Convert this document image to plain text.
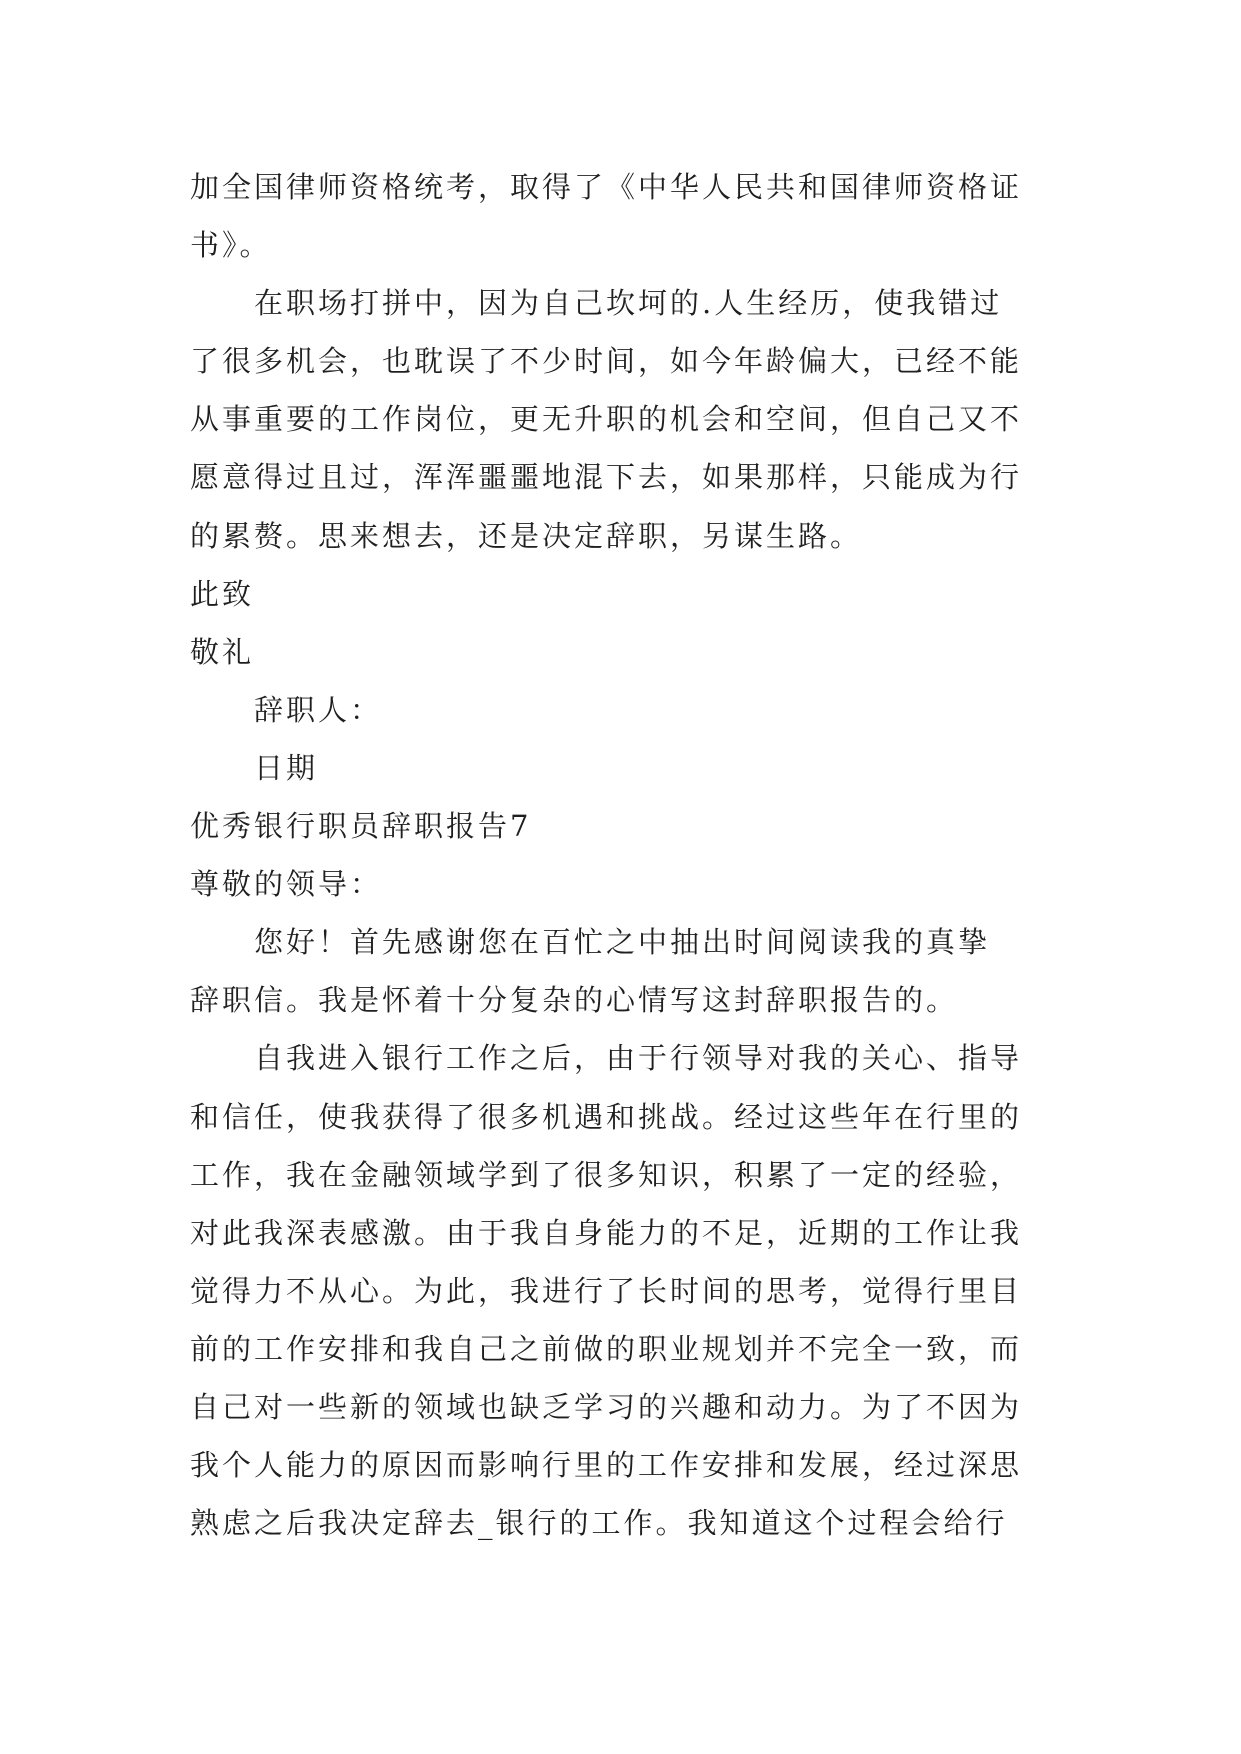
加全国律师资格统考，取得了《中华人民共和国律师资格证
书》。
在职场打拼中，因为自己坎坷的.人生经历，使我错过
了很多机会，也耽误了不少时间，如今年龄偏大，已经不能
从事重要的工作岗位，更无升职的机会和空间，但自己又不
愿意得过且过，浑浑噩噩地混下去，如果那样，只能成为行
的累赘。思来想去，还是决定辞职，另谋生路。
此致
敬礼
辞职人：
日期
优秀银行职员辞职报告7
尊敬的领导：
您好！首先感谢您在百忙之中抽出时间阅读我的真挚
辞职信。我是怀着十分复杂的心情写这封辞职报告的。
自我进入银行工作之后，由于行领导对我的关心、指导
和信任，使我获得了很多机遇和挑战。经过这些年在行里的
工作，我在金融领域学到了很多知识，积累了一定的经验，
对此我深表感激。由于我自身能力的不足，近期的工作让我
觉得力不从心。为此，我进行了长时间的思考，觉得行里目
前的工作安排和我自己之前做的职业规划并不完全一致，而
自己对一些新的领域也缺乏学习的兴趣和动力。为了不因为
我个人能力的原因而影响行里的工作安排和发展，经过深思
熟虑之后我决定辞去_银行的工作。我知道这个过程会给行
